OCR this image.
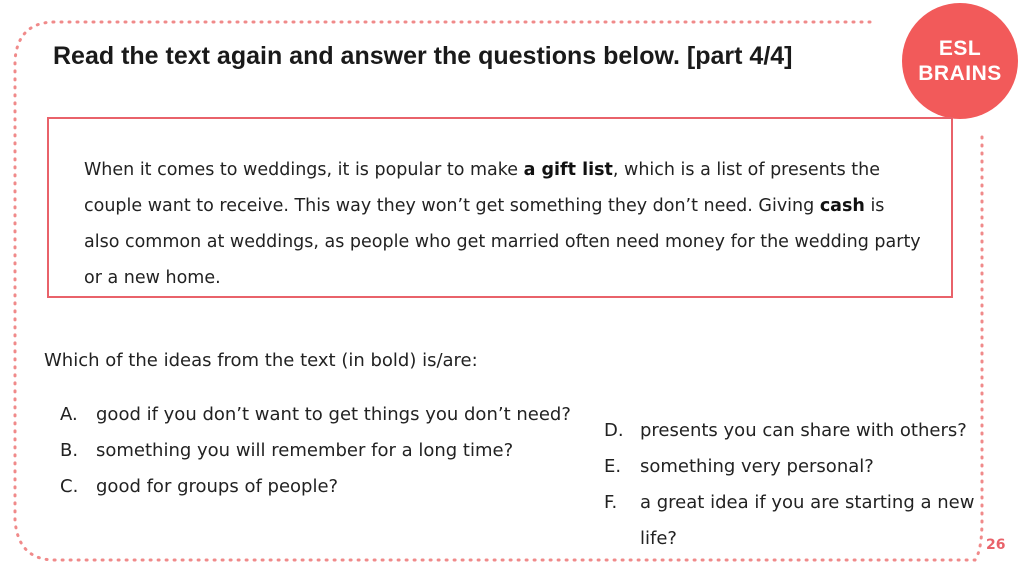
Read the text again and answer the questions below. [part 4/4]	ESL
BRAINS
When it comes to weddings, it is popular to make a gift list, which is a list of presents the couple want to receive. This way they won’t get something they don’t need. Giving cash is also common at weddings, as people who get married often need money for the wedding party or a new home.
Which of the ideas from the text (in bold) is/are:
A.	good if you don’t want to get things you don’t need?
B. something you will remember for a long time?
C. good for groups of people?
D. presents you can share with others?
E.	something very personal?
F.	a great idea if you are starting a new life?	26
